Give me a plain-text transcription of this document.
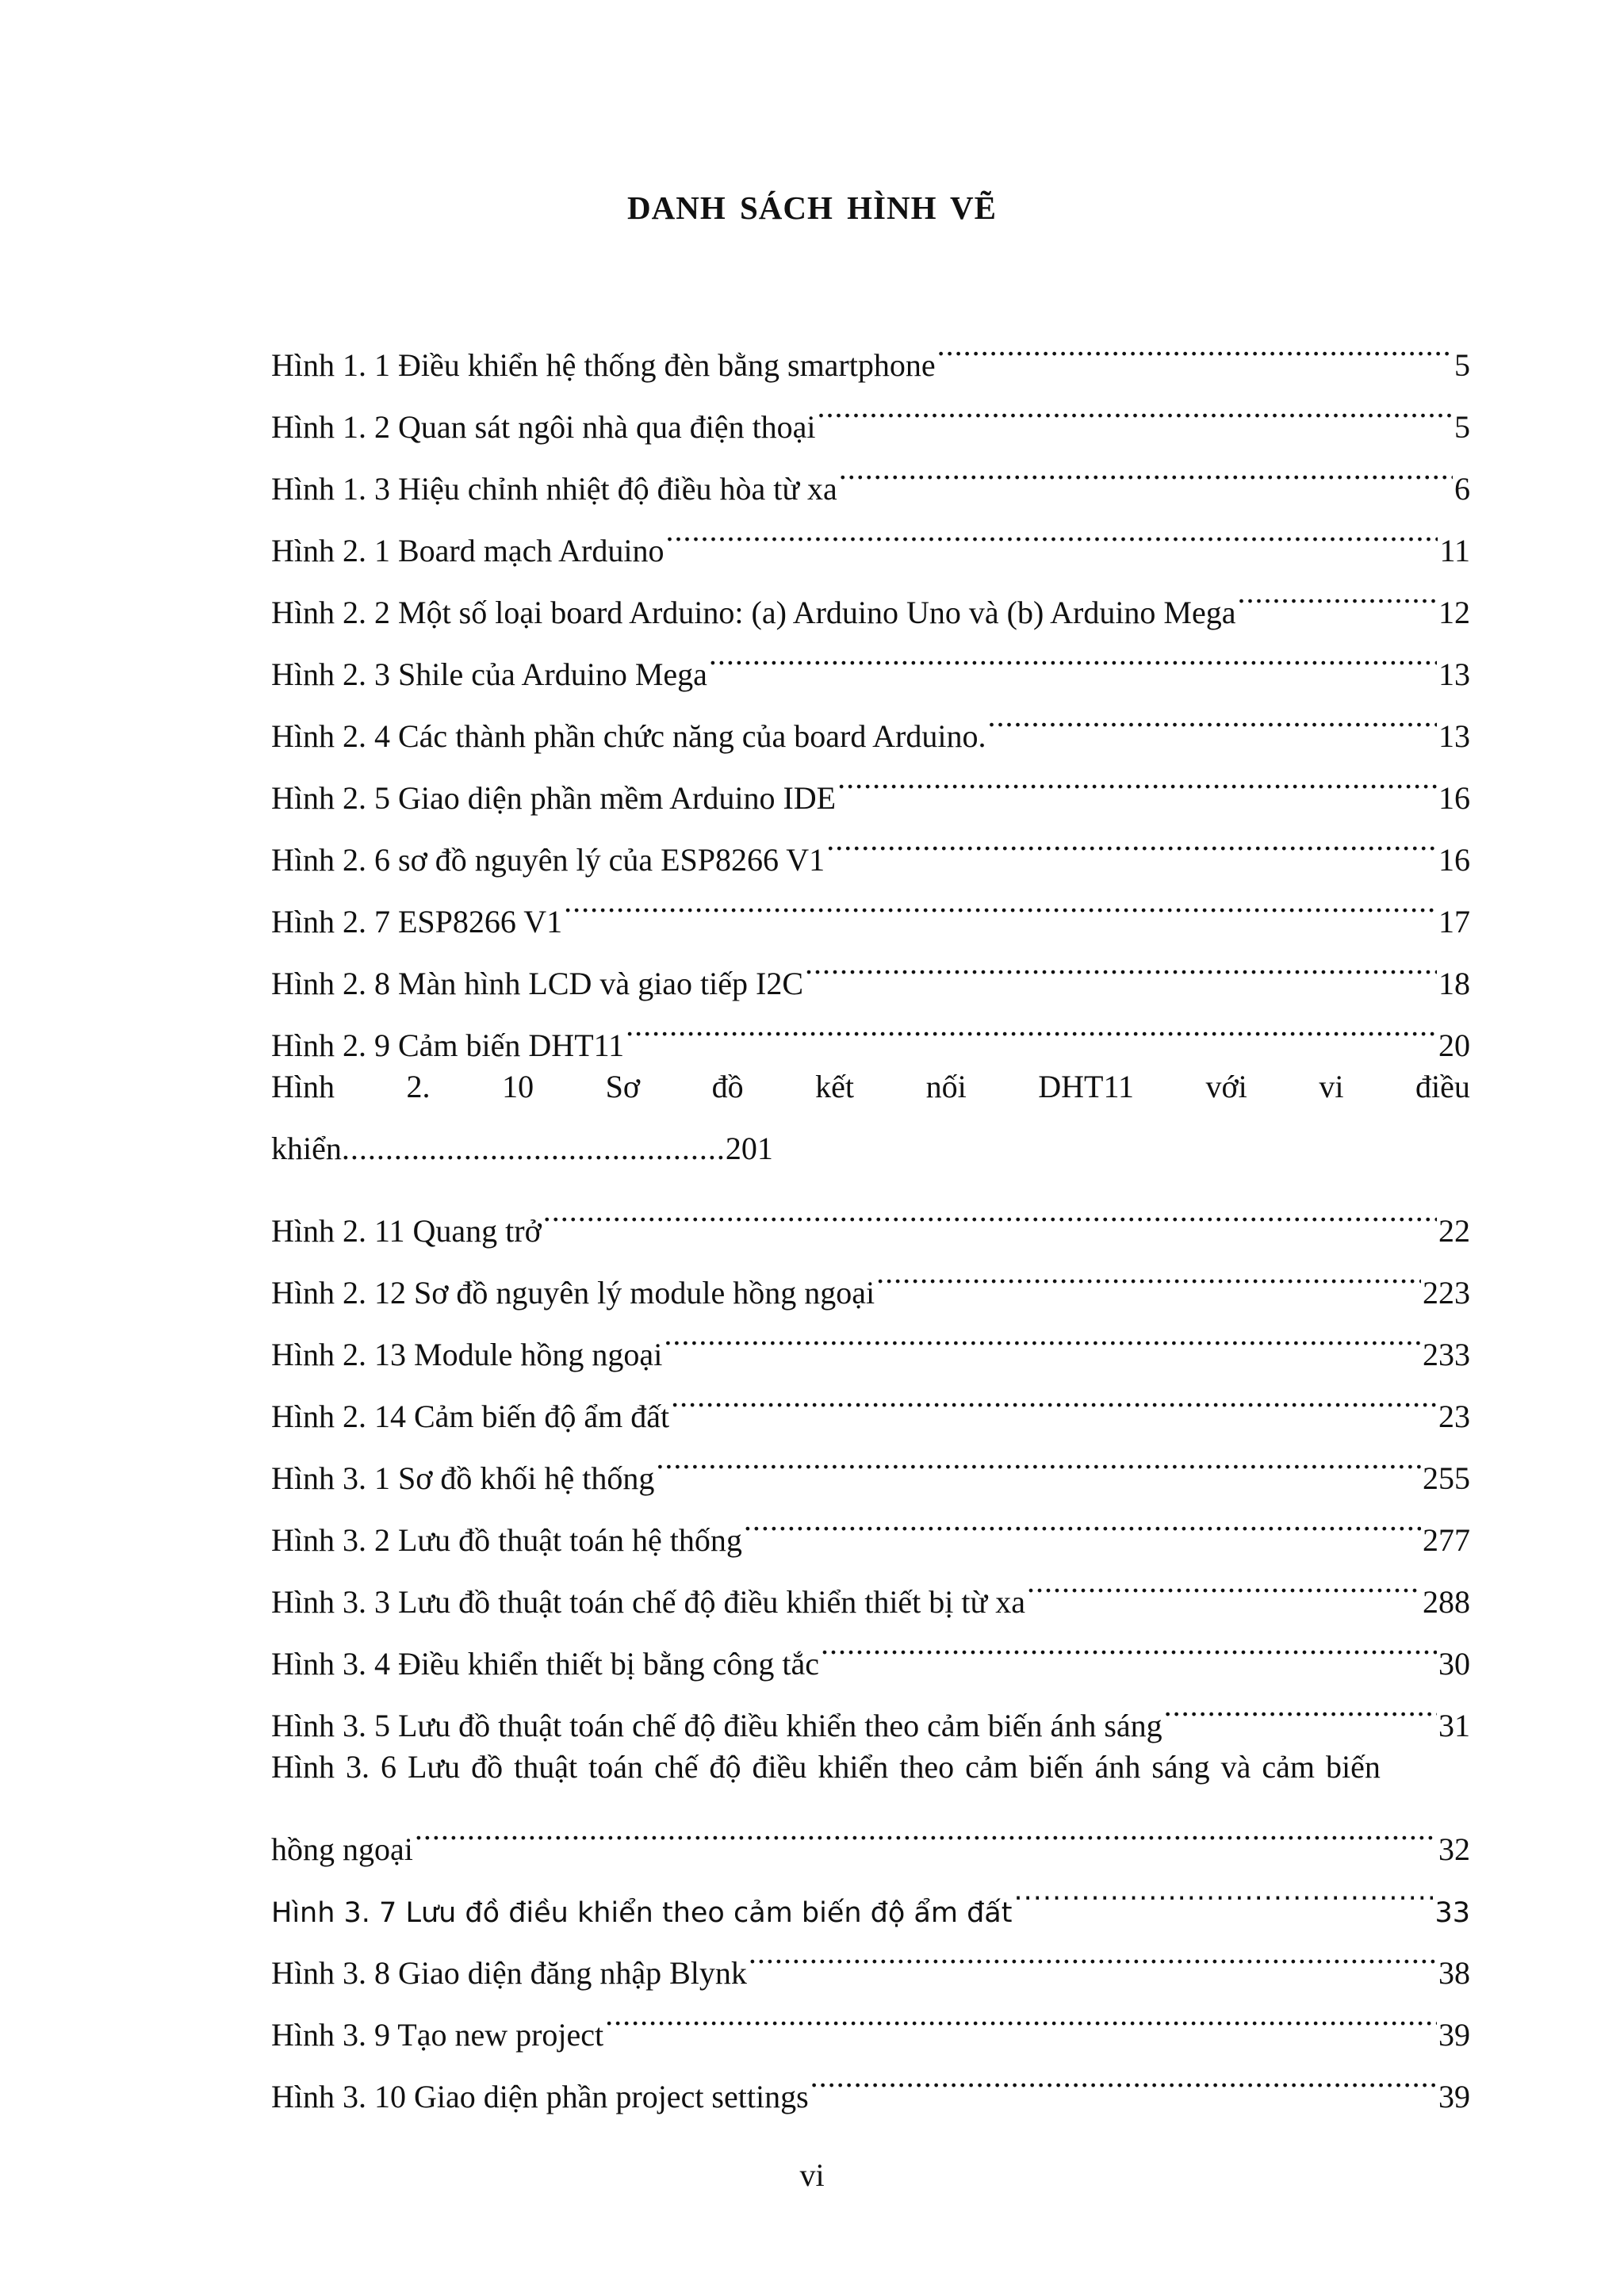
DANH SÁCH HÌNH VẼ
Hình 1. 1 Điều khiển hệ thống đèn bằng smartphone .....	5
Hình 1. 2 Quan sát ngôi nhà qua điện thoại .....	5
Hình 1. 3 Hiệu chỉnh nhiệt độ điều hòa từ xa .....	6
Hình 2. 1 Board mạch Arduino .....	11
Hình 2. 2 Một số loại board Arduino: (a) Arduino Uno và (b) Arduino Mega .....	12
Hình 2. 3 Shile của Arduino Mega .....	13
Hình 2. 4 Các thành phần chức năng của board Arduino. .....	13
Hình 2. 5 Giao diện phần mềm Arduino IDE .....	16
Hình 2. 6 sơ đồ nguyên lý của ESP8266 V1 .....	16
Hình 2. 7 ESP8266 V1 .....	17
Hình 2. 8 Màn hình LCD và giao tiếp I2C .....	18
Hình 2. 9 Cảm biến DHT11 .....	20
Hình 2. 10 Sơ đồ kết nối DHT11 với vi điều
khiển ............................................ 201
Hình 2. 11 Quang trở .....	22
Hình 2. 12 Sơ đồ nguyên lý module hồng ngoại .....	223
Hình 2. 13 Module hồng ngoại .....	233
Hình 2. 14 Cảm biến độ ẩm đất .....	23
Hình 3. 1 Sơ đồ khối hệ thống .....	255
Hình 3. 2 Lưu đồ thuật toán hệ thống .....	277
Hình 3. 3 Lưu đồ thuật toán chế độ điều khiển thiết bị từ xa .....	288
Hình 3. 4 Điều khiển thiết bị bằng công tắc .....	30
Hình 3. 5 Lưu đồ thuật toán chế độ điều khiển theo cảm biến ánh sáng .....	31
Hình 3. 6 Lưu đồ thuật toán chế độ điều khiển theo cảm biến ánh sáng và cảm biến
hồng ngoại .....	32
Hình 3. 7 Lưu đồ điều khiển theo cảm biến độ ẩm đất .....	33
Hình 3. 8 Giao diện đăng nhập Blynk .....	38
Hình 3. 9 Tạo new project .....	39
Hình 3. 10 Giao diện phần project settings .....	39
vi
